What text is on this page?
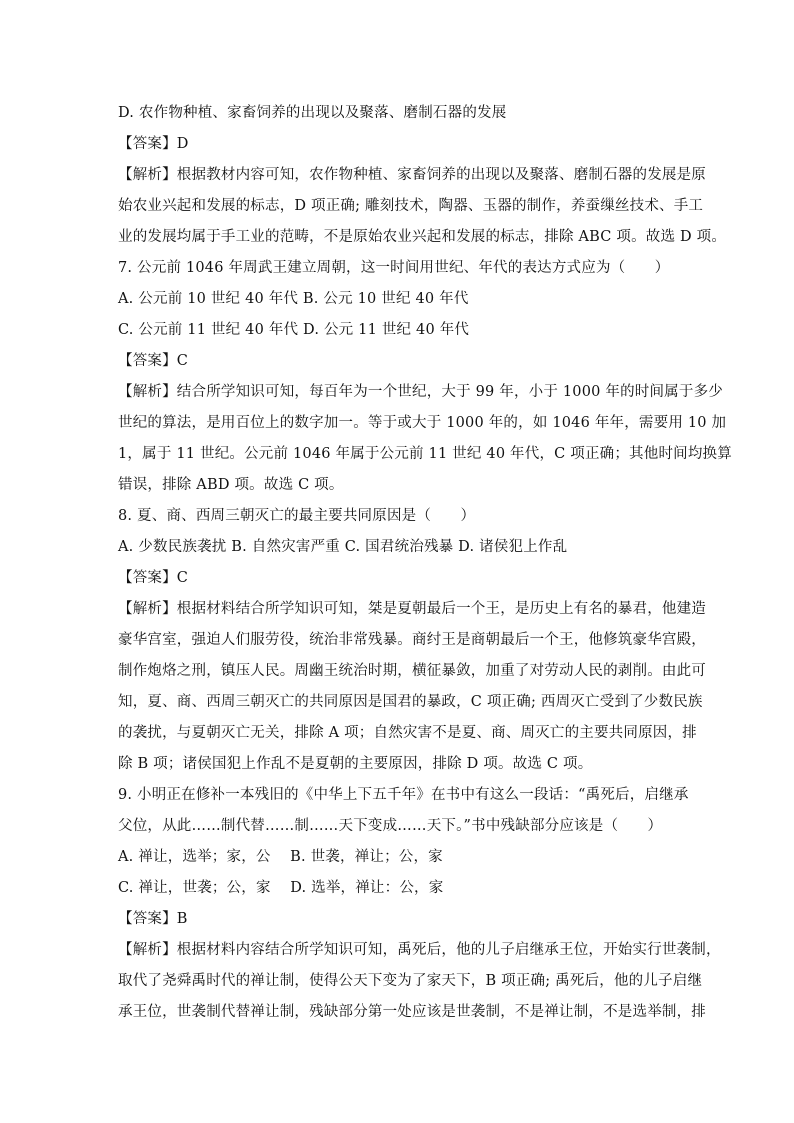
D. 农作物种植、家畜饲养的出现以及聚落、磨制石器的发展
【答案】D
【解析】根据教材内容可知，农作物种植、家畜饲养的出现以及聚落、磨制石器的发展是原
始农业兴起和发展的标志，D 项正确; 雕刻技术，陶器、玉器的制作，养蚕缫丝技术、手工
业的发展均属于手工业的范畴，不是原始农业兴起和发展的标志，排除 ABC 项。故选 D 项。
7. 公元前 1046 年周武王建立周朝，这一时间用世纪、年代的表达方式应为（　　）
A. 公元前 10 世纪 40 年代 B. 公元 10 世纪 40 年代
C. 公元前 11 世纪 40 年代 D. 公元 11 世纪 40 年代
【答案】C
【解析】结合所学知识可知，每百年为一个世纪，大于 99 年，小于 1000 年的时间属于多少
世纪的算法，是用百位上的数字加一。等于或大于 1000 年的，如 1046 年年，需要用 10 加
1，属于 11 世纪。公元前 1046 年属于公元前 11 世纪 40 年代，C 项正确；其他时间均换算
错误，排除 ABD 项。故选 C 项。
8. 夏、商、西周三朝灭亡的最主要共同原因是（　　）
A. 少数民族袭扰 B. 自然灾害严重 C. 国君统治残暴 D. 诸侯犯上作乱
【答案】C
【解析】根据材料结合所学知识可知，桀是夏朝最后一个王，是历史上有名的暴君，他建造
豪华宫室，强迫人们服劳役，统治非常残暴。商纣王是商朝最后一个王，他修筑豪华宫殿，
制作炮烙之刑，镇压人民。周幽王统治时期，横征暴敛，加重了对劳动人民的剥削。由此可
知，夏、商、西周三朝灭亡的共同原因是国君的暴政，C 项正确; 西周灭亡受到了少数民族
的袭扰，与夏朝灭亡无关，排除 A 项；自然灾害不是夏、商、周灭亡的主要共同原因，排
除 B 项；诸侯国犯上作乱不是夏朝的主要原因，排除 D 项。故选 C 项。
9. 小明正在修补一本残旧的《中华上下五千年》在书中有这么一段话：“禹死后，启继承
父位，从此……制代替……制……天下变成……天下。”书中残缺部分应该是（　　）
A. 禅让，选举；家，公　 B. 世袭，禅让；公，家
C. 禅让，世袭；公，家　 D. 选举，禅让：公，家
【答案】B
【解析】根据材料内容结合所学知识可知，禹死后，他的儿子启继承王位，开始实行世袭制，
取代了尧舜禹时代的禅让制，使得公天下变为了家天下，B 项正确; 禹死后，他的儿子启继
承王位，世袭制代替禅让制，残缺部分第一处应该是世袭制，不是禅让制，不是选举制，排
